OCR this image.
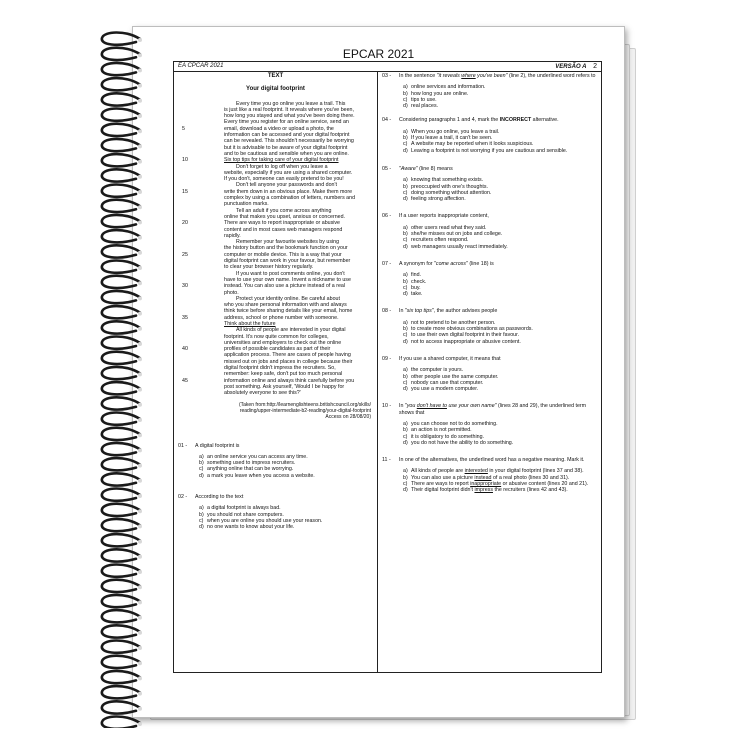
EPCAR 2021
EA CPCAR 2021	VERSÃO A 2
TEXT
Your digital footprint
Every time you go online you leave a trail. This
is just like a real footprint. It reveals where you've been,
how long you stayed and what you've been doing there.
Every time you register for an online service, send an
5	email, download a video or upload a photo, the
information can be accessed and your digital footprint
can be revealed. This shouldn't necessarily be worrying
but it is advisable to be aware of your digital footprint
and to be cautious and sensible when you are online.
10	Six top tips for taking care of your digital footprint
Don't forget to log off when you leave a
website, especially if you are using a shared computer.
If you don't, someone can easily pretend to be you!
Don't tell anyone your passwords and don't
15	write them down in an obvious place. Make them more
complex by using a combination of letters, numbers and
punctuation marks.
Tell an adult if you come across anything
online that makes you upset, anxious or concerned.
20	There are ways to report inappropriate or abusive
content and in most cases web managers respond
rapidly.
Remember your favourite websites by using
the history button and the bookmark function on your
25	computer or mobile device. This is a way that your
digital footprint can work in your favour, but remember
to clear your browser history regularly.
If you want to post comments online, you don't
have to use your own name. Invent a nickname to use
30	instead. You can also use a picture instead of a real
photo.
Protect your identity online. Be careful about
who you share personal information with and always
think twice before sharing details like your email, home
35	address, school or phone number with someone.
Think about the future
All kinds of people are interested in your digital
footprint. It's now quite common for colleges,
universities and employers to check out the online
40	profiles of possible candidates as part of their
application process. There are cases of people having
missed out on jobs and places in college because their
digital footprint didn't impress the recruiters. So,
remember: keep safe, don't put too much personal
45	information online and always think carefully before you
post something. Ask yourself, 'Would I be happy for
absolutely everyone to see this?'
(Taken from:http://learnenglishteens.britishcouncil.org/skills/
reading/upper-intermediate-b2-reading/your-digital-footprint
Access on 28/08/20)
01 - A digital footprint is
a) an online service you can access any time.
b) something used to impress recruiters.
c) anything online that can be worrying.
d) a mark you leave when you access a website.
02 - According to the text
a) a digital footprint is always bad.
b) you should not share computers.
c) when you are online you should use your reason.
d) no one wants to know about your life.
03 - In the sentence "it reveals where you've been" (line 2), the underlined word refers to
a) online services and information.
b) how long you are online.
c) tips to use.
d) real places.
04 - Considering paragraphs 1 and 4, mark the INCORRECT alternative.
a) When you go online, you leave a trail.
b) If you leave a trail, it can't be seen.
c) A website may be reported when it looks suspicious.
d) Leaving a footprint is not worrying if you are cautious and sensible.
05 - "Aware" (line 8) means
a) knowing that something exists.
b) preoccupied with one's thoughts.
c) doing something without attention.
d) feeling strong affection.
06 - If a user reports inappropriate content,
a) other users read what they said.
b) she/he misses out on jobs and college.
c) recruiters often respond.
d) web managers usually react immediately.
07 - A synonym for "come across" (line 18) is
a) find.
b) check.
c) buy.
d) take.
08 - In "six top tips", the author advises people
a) not to pretend to be another person.
b) to create more obvious combinations as passwords.
c) to use their own digital footprint in their favour.
d) not to access inappropriate or abusive content.
09 - If you use a shared computer, it means that
a) the computer is yours.
b) other people use the same computer.
c) nobody can use that computer.
d) you use a modern computer.
10 - In "you don't have to use your own name" (lines 28 and 29), the underlined term shows that
a) you can choose not to do something.
b) an action is not permitted.
c) it is obligatory to do something.
d) you do not have the ability to do something.
11 - In one of the alternatives, the underlined word has a negative meaning. Mark it.
a) All kinds of people are interested in your digital footprint (lines 37 and 38).
b) You can also use a picture instead of a real photo (lines 30 and 31).
c) There are ways to report inappropriate or abusive content (lines 20 and 21).
d) Their digital footprint didn't impress the recruiters (lines 42 and 43).
